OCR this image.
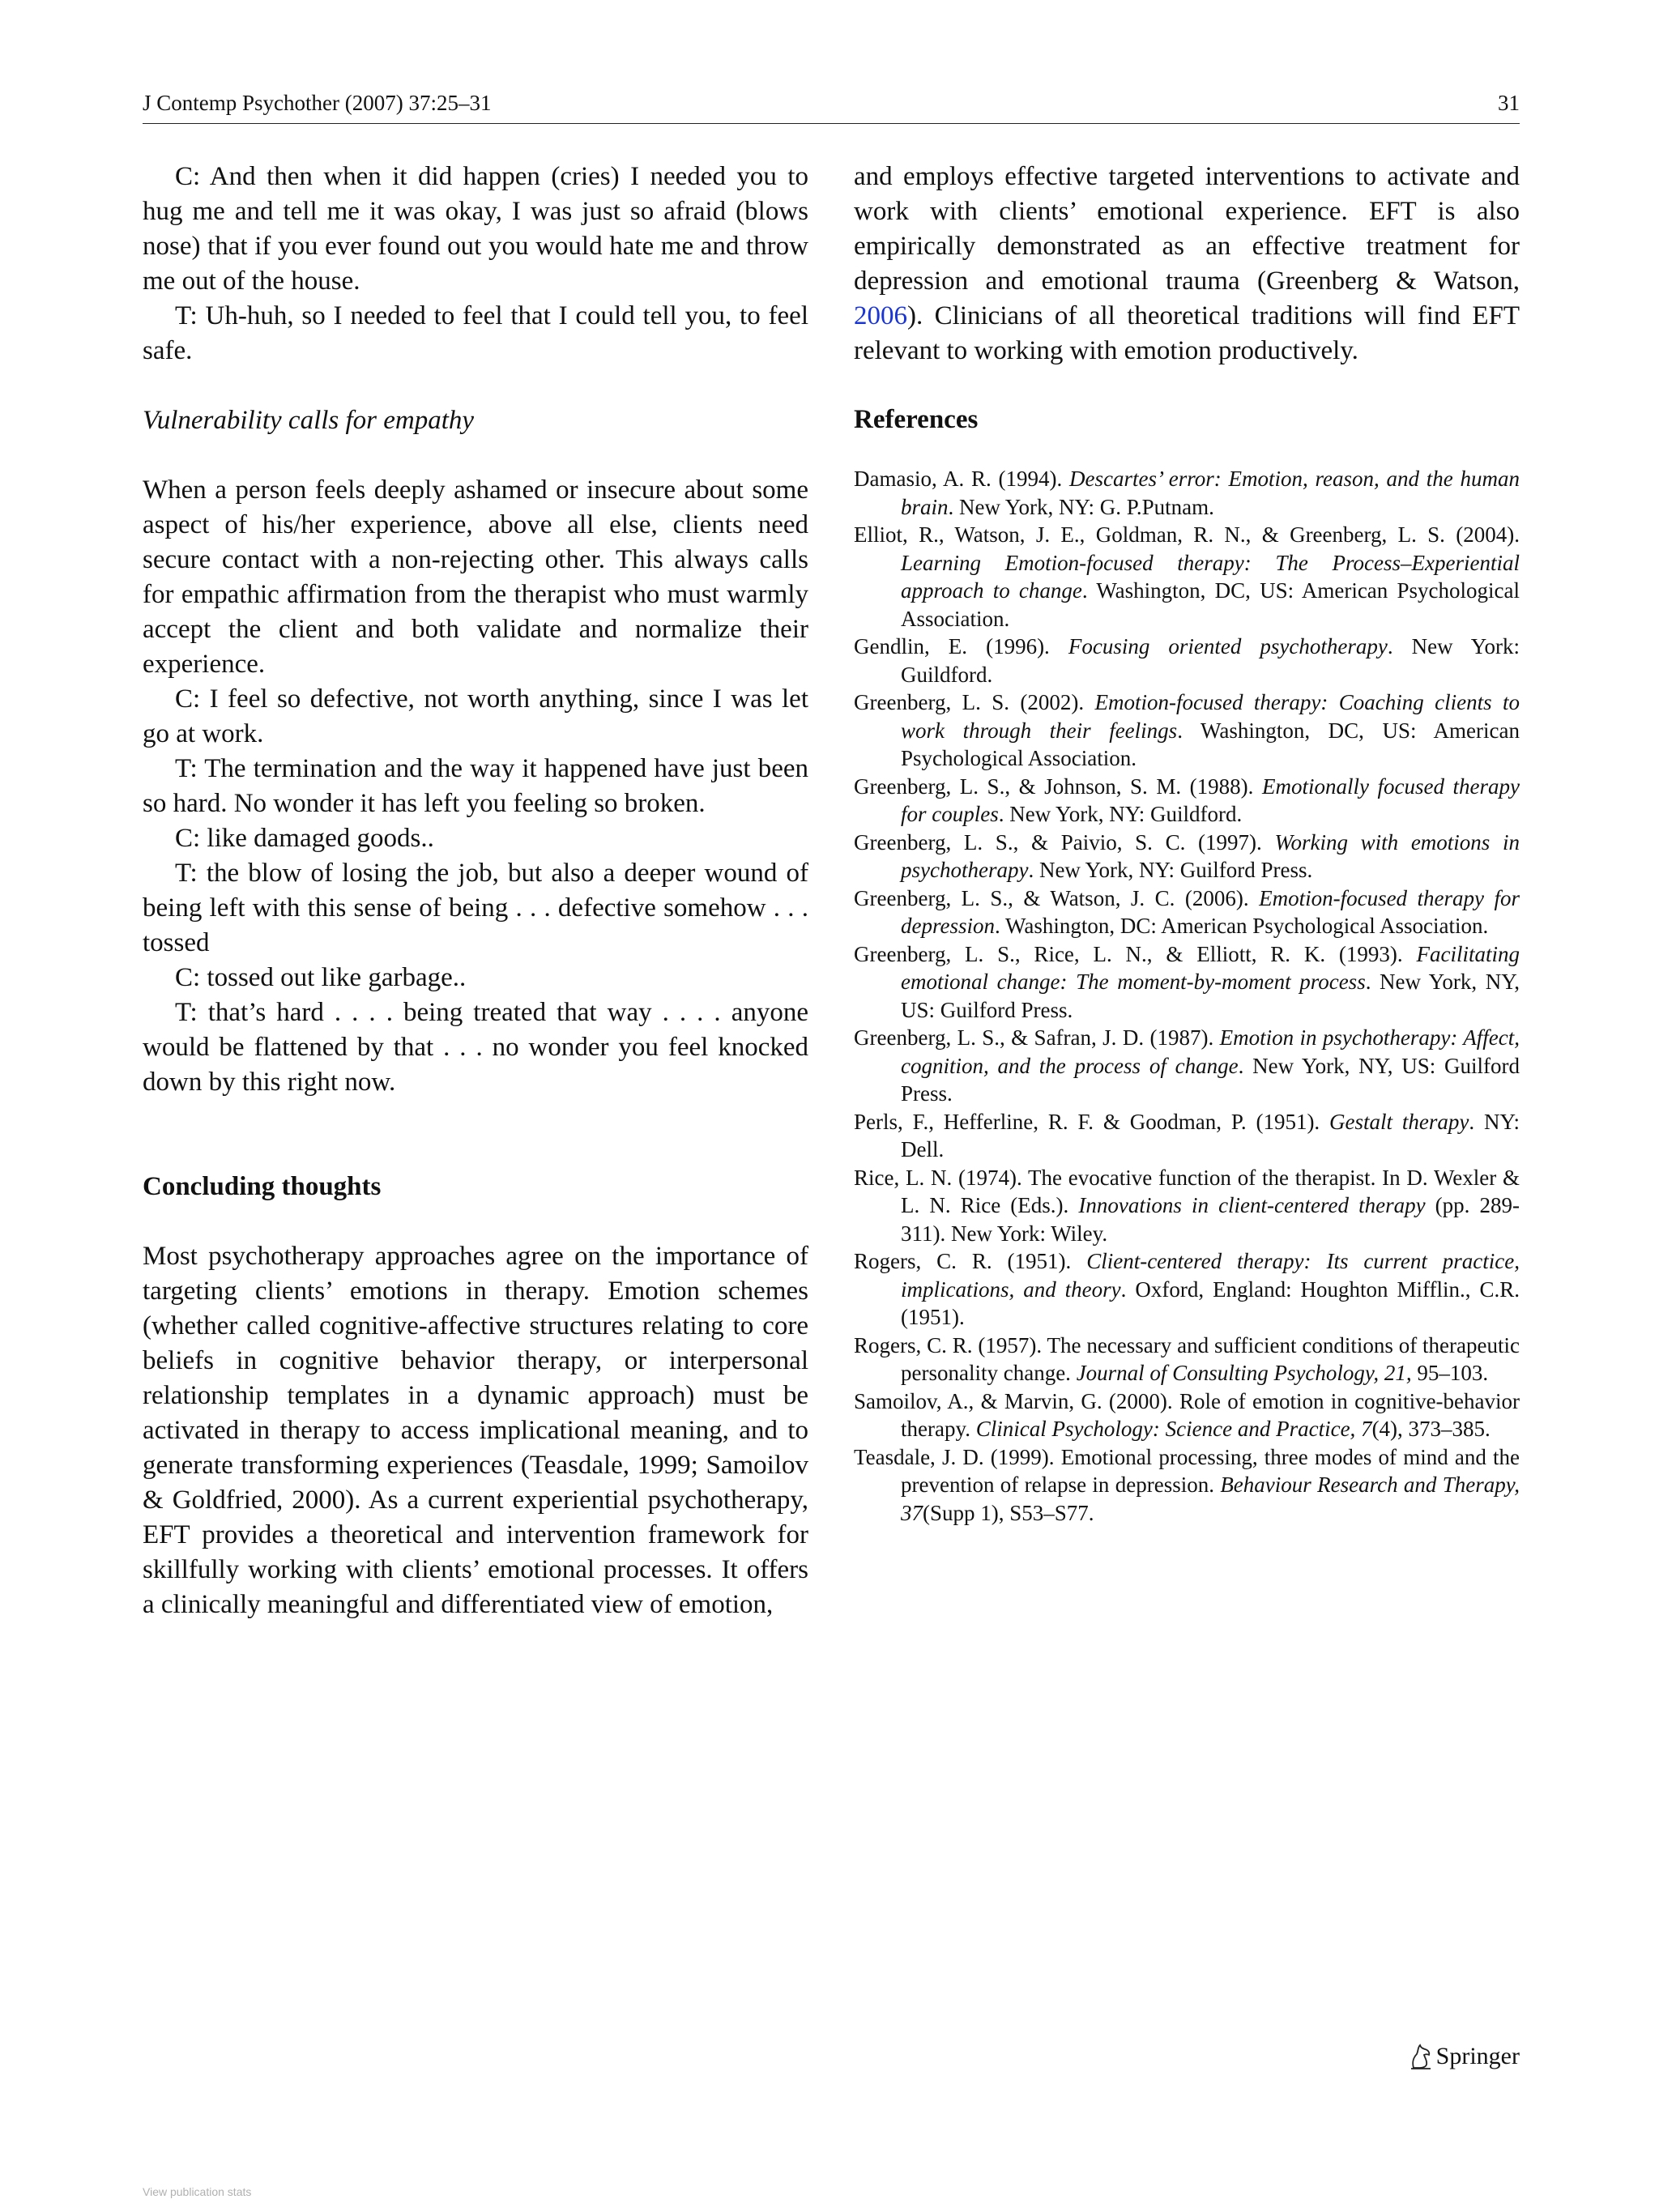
J Contemp Psychother (2007) 37:25–31	31

C: And then when it did happen (cries) I needed you to hug me and tell me it was okay, I was just so afraid (blows nose) that if you ever found out you would hate me and throw me out of the house.

T: Uh-huh, so I needed to feel that I could tell you, to feel safe.

Vulnerability calls for empathy

When a person feels deeply ashamed or insecure about some aspect of his/her experience, above all else, clients need secure contact with a non-rejecting other. This always calls for empathic affirmation from the therapist who must warmly accept the client and both validate and normalize their experience.

C: I feel so defective, not worth anything, since I was let go at work.

T: The termination and the way it happened have just been so hard. No wonder it has left you feeling so broken.

C: like damaged goods..

T: the blow of losing the job, but also a deeper wound of being left with this sense of being . . . defective somehow . . . tossed

C: tossed out like garbage..

T: that’s hard . . . . being treated that way . . . . anyone would be flattened by that . . . no wonder you feel knocked down by this right now.

Concluding thoughts

Most psychotherapy approaches agree on the importance of targeting clients’ emotions in therapy. Emotion schemes (whether called cognitive-affective structures relating to core beliefs in cognitive behavior therapy, or interpersonal relationship templates in a dynamic approach) must be activated in therapy to access implicational meaning, and to generate transforming experiences (Teasdale, 1999; Samoilov & Goldfried, 2000). As a current experiential psychotherapy, EFT provides a theoretical and intervention framework for skillfully working with clients’ emotional processes. It offers a clinically meaningful and differentiated view of emotion,

and employs effective targeted interventions to activate and work with clients’ emotional experience. EFT is also empirically demonstrated as an effective treatment for depression and emotional trauma (Greenberg & Watson, 2006). Clinicians of all theoretical traditions will find EFT relevant to working with emotion productively.

References

Damasio, A. R. (1994). Descartes’ error: Emotion, reason, and the human brain. New York, NY: G. P.Putnam.
Elliot, R., Watson, J. E., Goldman, R. N., & Greenberg, L. S. (2004). Learning Emotion-focused therapy: The Process–Experiential approach to change. Washington, DC, US: American Psychological Association.
Gendlin, E. (1996). Focusing oriented psychotherapy. New York: Guildford.
Greenberg, L. S. (2002). Emotion-focused therapy: Coaching clients to work through their feelings. Washington, DC, US: American Psychological Association.
Greenberg, L. S., & Johnson, S. M. (1988). Emotionally focused therapy for couples. New York, NY: Guildford.
Greenberg, L. S., & Paivio, S. C. (1997). Working with emotions in psychotherapy. New York, NY: Guilford Press.
Greenberg, L. S., & Watson, J. C. (2006). Emotion-focused therapy for depression. Washington, DC: American Psychological Association.
Greenberg, L. S., Rice, L. N., & Elliott, R. K. (1993). Facilitating emotional change: The moment-by-moment process. New York, NY, US: Guilford Press.
Greenberg, L. S., & Safran, J. D. (1987). Emotion in psychotherapy: Affect, cognition, and the process of change. New York, NY, US: Guilford Press.
Perls, F., Hefferline, R. F. & Goodman, P. (1951). Gestalt therapy. NY: Dell.
Rice, L. N. (1974). The evocative function of the therapist. In D. Wexler & L. N. Rice (Eds.). Innovations in client-centered therapy (pp. 289-311). New York: Wiley.
Rogers, C. R. (1951). Client-centered therapy: Its current practice, implications, and theory. Oxford, England: Houghton Mifflin., C.R. (1951).
Rogers, C. R. (1957). The necessary and sufficient conditions of therapeutic personality change. Journal of Consulting Psychology, 21, 95–103.
Samoilov, A., & Marvin, G. (2000). Role of emotion in cognitive-behavior therapy. Clinical Psychology: Science and Practice, 7(4), 373–385.
Teasdale, J. D. (1999). Emotional processing, three modes of mind and the prevention of relapse in depression. Behaviour Research and Therapy, 37(Supp 1), S53–S77.
Springer
View publication stats
